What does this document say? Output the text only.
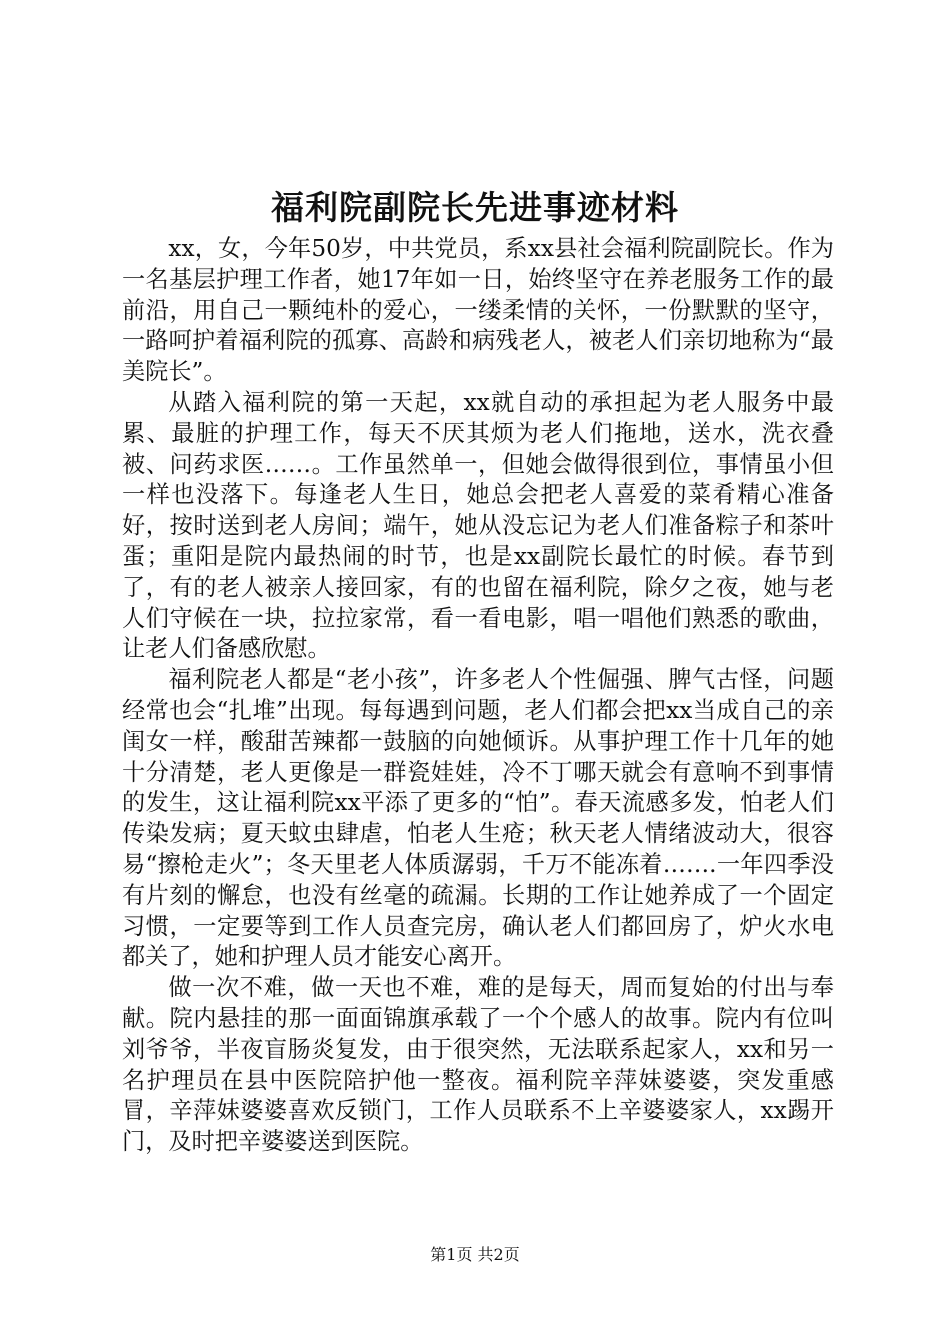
福利院副院长先进事迹材料

xx，女，今年50岁，中共党员，系xx县社会福利院副院长。作为一名基层护理工作者，她17年如一日，始终坚守在养老服务工作的最前沿，用自己一颗纯朴的爱心，一缕柔情的关怀，一份默默的坚守，一路呵护着福利院的孤寡、高龄和病残老人，被老人们亲切地称为“最美院长”。

从踏入福利院的第一天起，xx就自动的承担起为老人服务中最累、最脏的护理工作，每天不厌其烦为老人们拖地，送水，洗衣叠被、问药求医……。工作虽然单一，但她会做得很到位，事情虽小但一样也没落下。每逢老人生日，她总会把老人喜爱的菜肴精心准备好，按时送到老人房间；端午，她从没忘记为老人们准备粽子和茶叶蛋；重阳是院内最热闹的时节，也是xx副院长最忙的时候。春节到了，有的老人被亲人接回家，有的也留在福利院，除夕之夜，她与老人们守候在一块，拉拉家常，看一看电影，唱一唱他们熟悉的歌曲，让老人们备感欣慰。

福利院老人都是“老小孩”，许多老人个性倔强、脾气古怪，问题经常也会“扎堆”出现。每每遇到问题，老人们都会把xx当成自己的亲闺女一样，酸甜苦辣都一鼓脑的向她倾诉。从事护理工作十几年的她十分清楚，老人更像是一群瓷娃娃，冷不丁哪天就会有意响不到事情的发生，这让福利院xx平添了更多的“怕”。春天流感多发，怕老人们传染发病；夏天蚊虫肆虐，怕老人生疮；秋天老人情绪波动大，很容易“擦枪走火”；冬天里老人体质潺弱，千万不能冻着…….一年四季没有片刻的懈怠，也没有丝毫的疏漏。长期的工作让她养成了一个固定习惯，一定要等到工作人员查完房，确认老人们都回房了，炉火水电都关了，她和护理人员才能安心离开。

做一次不难，做一天也不难，难的是每天，周而复始的付出与奉献。院内悬挂的那一面面锦旗承载了一个个感人的故事。院内有位叫刘爷爷，半夜盲肠炎复发，由于很突然，无法联系起家人，xx和另一名护理员在县中医院陪护他一整夜。福利院辛萍妹婆婆，突发重感冒，辛萍妹婆婆喜欢反锁门，工作人员联系不上辛婆婆家人，xx踢开门，及时把辛婆婆送到医院。

第1页 共2页
